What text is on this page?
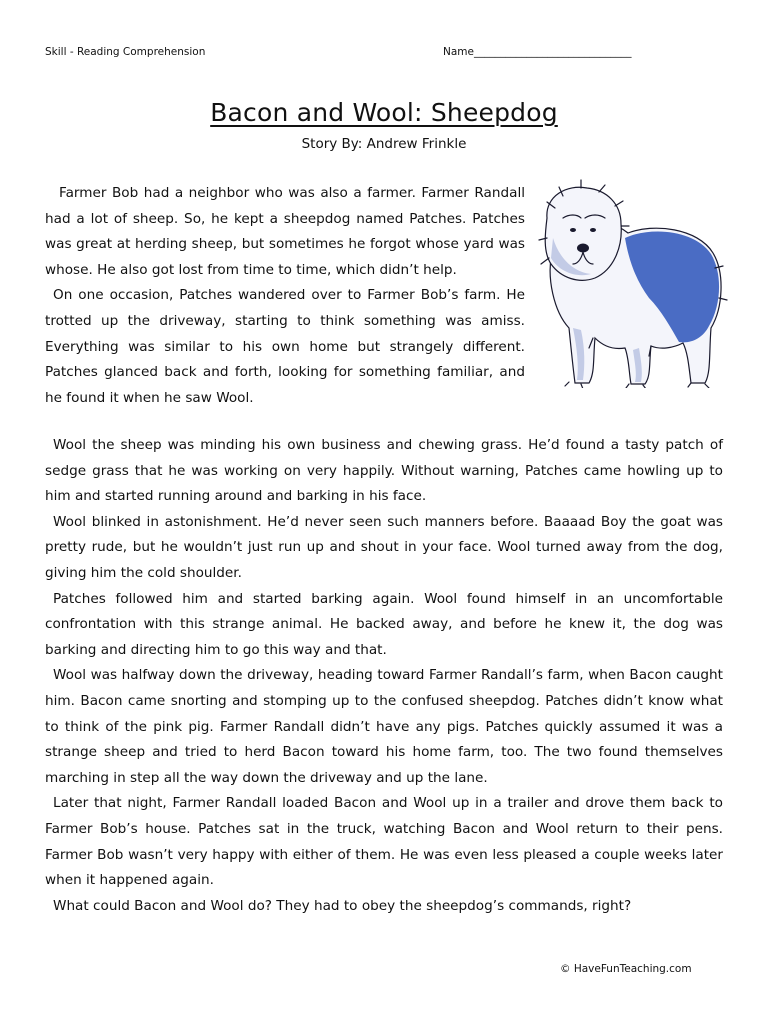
Skill - Reading Comprehension	Name______________________________
Bacon and Wool: Sheepdog
Story By: Andrew Frinkle

Farmer Bob had a neighbor who was also a farmer. Farmer Randall had a lot of sheep. So, he kept a sheepdog named Patches. Patches was great at herding sheep, but sometimes he forgot whose yard was whose. He also got lost from time to time, which didn’t help.

On one occasion, Patches wandered over to Farmer Bob’s farm. He trotted up the driveway, starting to think something was amiss. Everything was similar to his own home but strangely different. Patches glanced back and forth, looking for something familiar, and he found it when he saw Wool.

Wool the sheep was minding his own business and chewing grass. He’d found a tasty patch of sedge grass that he was working on very happily. Without warning, Patches came howling up to him and started running around and barking in his face.

Wool blinked in astonishment. He’d never seen such manners before. Baaaad Boy the goat was pretty rude, but he wouldn’t just run up and shout in your face. Wool turned away from the dog, giving him the cold shoulder.

Patches followed him and started barking again. Wool found himself in an uncomfortable confrontation with this strange animal. He backed away, and before he knew it, the dog was barking and directing him to go this way and that.

Wool was halfway down the driveway, heading toward Farmer Randall’s farm, when Bacon caught him. Bacon came snorting and stomping up to the confused sheepdog. Patches didn’t know what to think of the pink pig. Farmer Randall didn’t have any pigs. Patches quickly assumed it was a strange sheep and tried to herd Bacon toward his home farm, too. The two found themselves marching in step all the way down the driveway and up the lane.

Later that night, Farmer Randall loaded Bacon and Wool up in a trailer and drove them back to Farmer Bob’s house. Patches sat in the truck, watching Bacon and Wool return to their pens. Farmer Bob wasn’t very happy with either of them. He was even less pleased a couple weeks later when it happened again.

What could Bacon and Wool do? They had to obey the sheepdog’s commands, right?

© HaveFunTeaching.com
